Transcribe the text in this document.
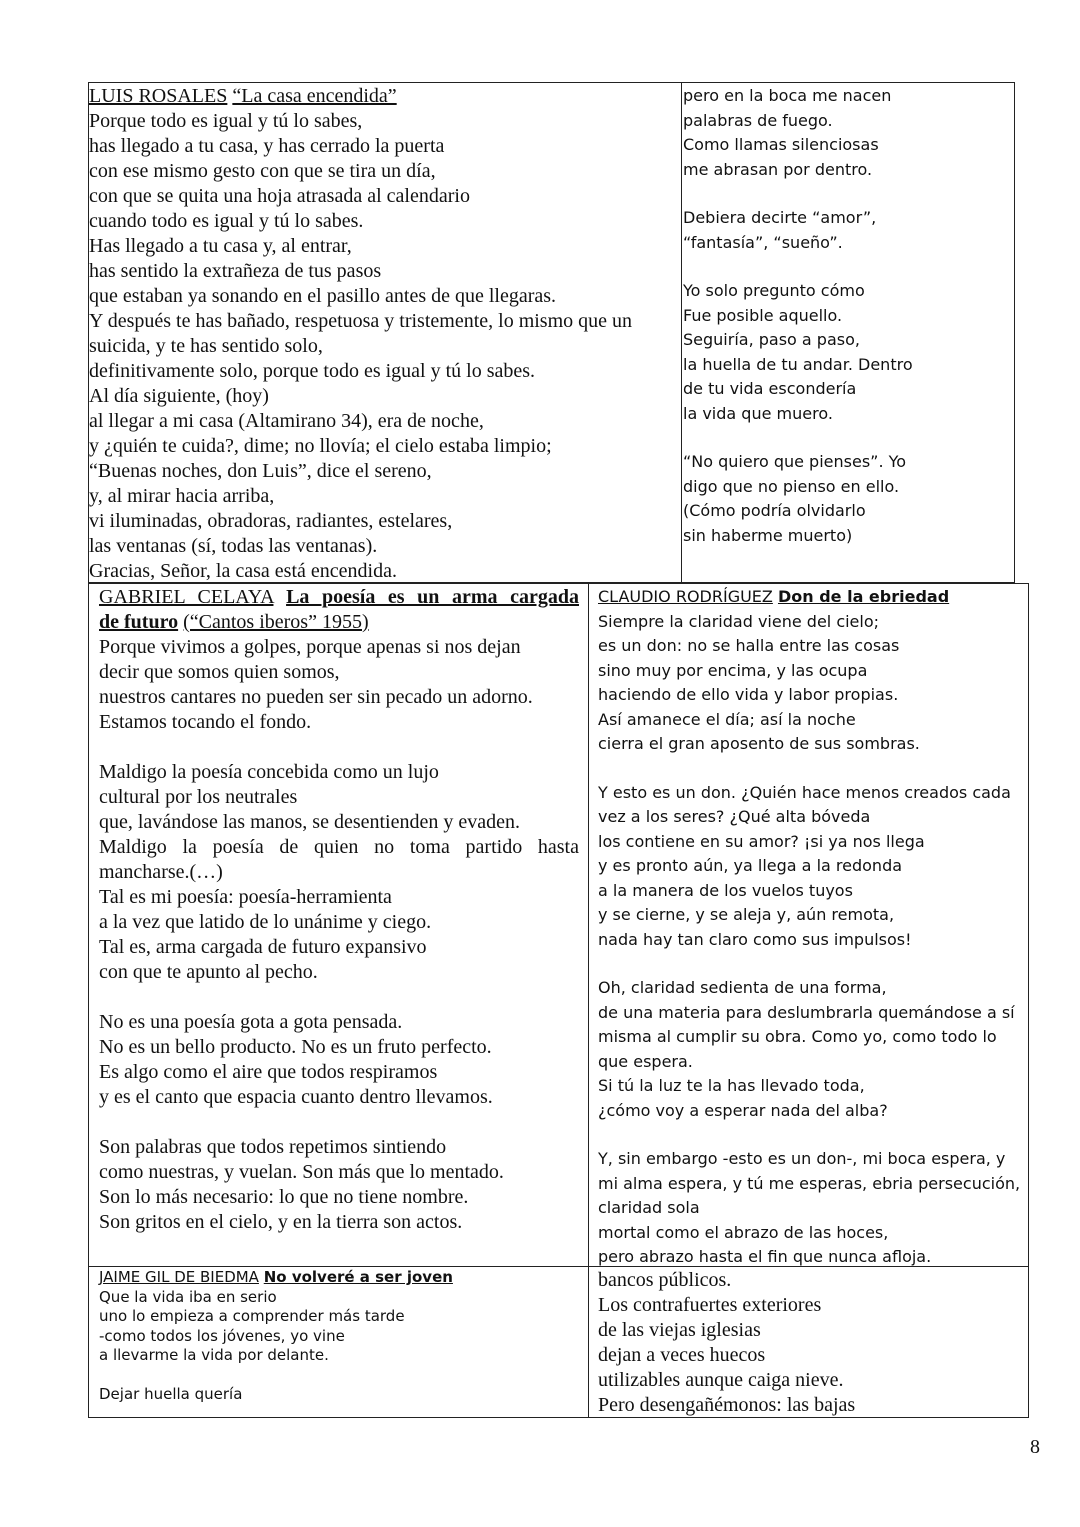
LUIS ROSALES “La casa encendida”
Porque todo es igual y tú lo sabes,
has llegado a tu casa, y has cerrado la puerta
con ese mismo gesto con que se tira un día,
con que se quita una hoja atrasada al calendario
cuando todo es igual y tú lo sabes.
Has llegado a tu casa y, al entrar,
has sentido la extrañeza de tus pasos
que estaban ya sonando en el pasillo antes de que llegaras.
Y después te has bañado, respetuosa y tristemente, lo mismo que un
suicida, y te has sentido solo,
definitivamente solo, porque todo es igual y tú lo sabes.
Al día siguiente, (hoy)
al llegar a mi casa (Altamirano 34), era de noche,
y ¿quién te cuida?, dime; no llovía; el cielo estaba limpio;
“Buenas noches, don Luis”, dice el sereno,
y, al mirar hacia arriba,
vi iluminadas, obradoras, radiantes, estelares,
las ventanas (sí, todas las ventanas).
Gracias, Señor, la casa está encendida.
pero en la boca me nacen
palabras de fuego.
Como llamas silenciosas
me abrasan por dentro.
Debiera decirte “amor”,
“fantasía”, “sueño”.
Yo solo pregunto cómo
Fue posible aquello.
Seguiría, paso a paso,
la huella de tu andar. Dentro
de tu vida escondería
la vida que muero.
“No quiero que pienses”. Yo
digo que no pienso en ello.
(Cómo podría olvidarlo
sin haberme muerto)
GABRIEL CELAYA La poesía es un arma cargada
de futuro (“Cantos iberos” 1955)
Porque vivimos a golpes, porque apenas si nos dejan
decir que somos quien somos,
nuestros cantares no pueden ser sin pecado un adorno.
Estamos tocando el fondo.
Maldigo la poesía concebida como un lujo
cultural por los neutrales
que, lavándose las manos, se desentienden y evaden.
Maldigo la poesía de quien no toma partido hasta
mancharse.(…)
Tal es mi poesía: poesía-herramienta
a la vez que latido de lo unánime y ciego.
Tal es, arma cargada de futuro expansivo
con que te apunto al pecho.
No es una poesía gota a gota pensada.
No es un bello producto. No es un fruto perfecto.
Es algo como el aire que todos respiramos
y es el canto que espacia cuanto dentro llevamos.
Son palabras que todos repetimos sintiendo
como nuestras, y vuelan. Son más que lo mentado.
Son lo más necesario: lo que no tiene nombre.
Son gritos en el cielo, y en la tierra son actos.
CLAUDIO RODRÍGUEZ Don de la ebriedad
Siempre la claridad viene del cielo;
es un don: no se halla entre las cosas
sino muy por encima, y las ocupa
haciendo de ello vida y labor propias.
Así amanece el día; así la noche
cierra el gran aposento de sus sombras.
Y esto es un don. ¿Quién hace menos creados cada
vez a los seres? ¿Qué alta bóveda
los contiene en su amor? ¡si ya nos llega
y es pronto aún, ya llega a la redonda
a la manera de los vuelos tuyos
y se cierne, y se aleja y, aún remota,
nada hay tan claro como sus impulsos!
Oh, claridad sedienta de una forma,
de una materia para deslumbrarla quemándose a sí
misma al cumplir su obra. Como yo, como todo lo
que espera.
Si tú la luz te la has llevado toda,
¿cómo voy a esperar nada del alba?
Y, sin embargo -esto es un don-, mi boca espera, y
mi alma espera, y tú me esperas, ebria persecución,
claridad sola
mortal como el abrazo de las hoces,
pero abrazo hasta el fin que nunca afloja.
JAIME GIL DE BIEDMA No volveré a ser joven
Que la vida iba en serio
uno lo empieza a comprender más tarde
-como todos los jóvenes, yo vine
a llevarme la vida por delante.
Dejar huella quería
bancos públicos.
Los contrafuertes exteriores
de las viejas iglesias
dejan a veces huecos
utilizables aunque caiga nieve.
Pero desengañémonos: las bajas
8
